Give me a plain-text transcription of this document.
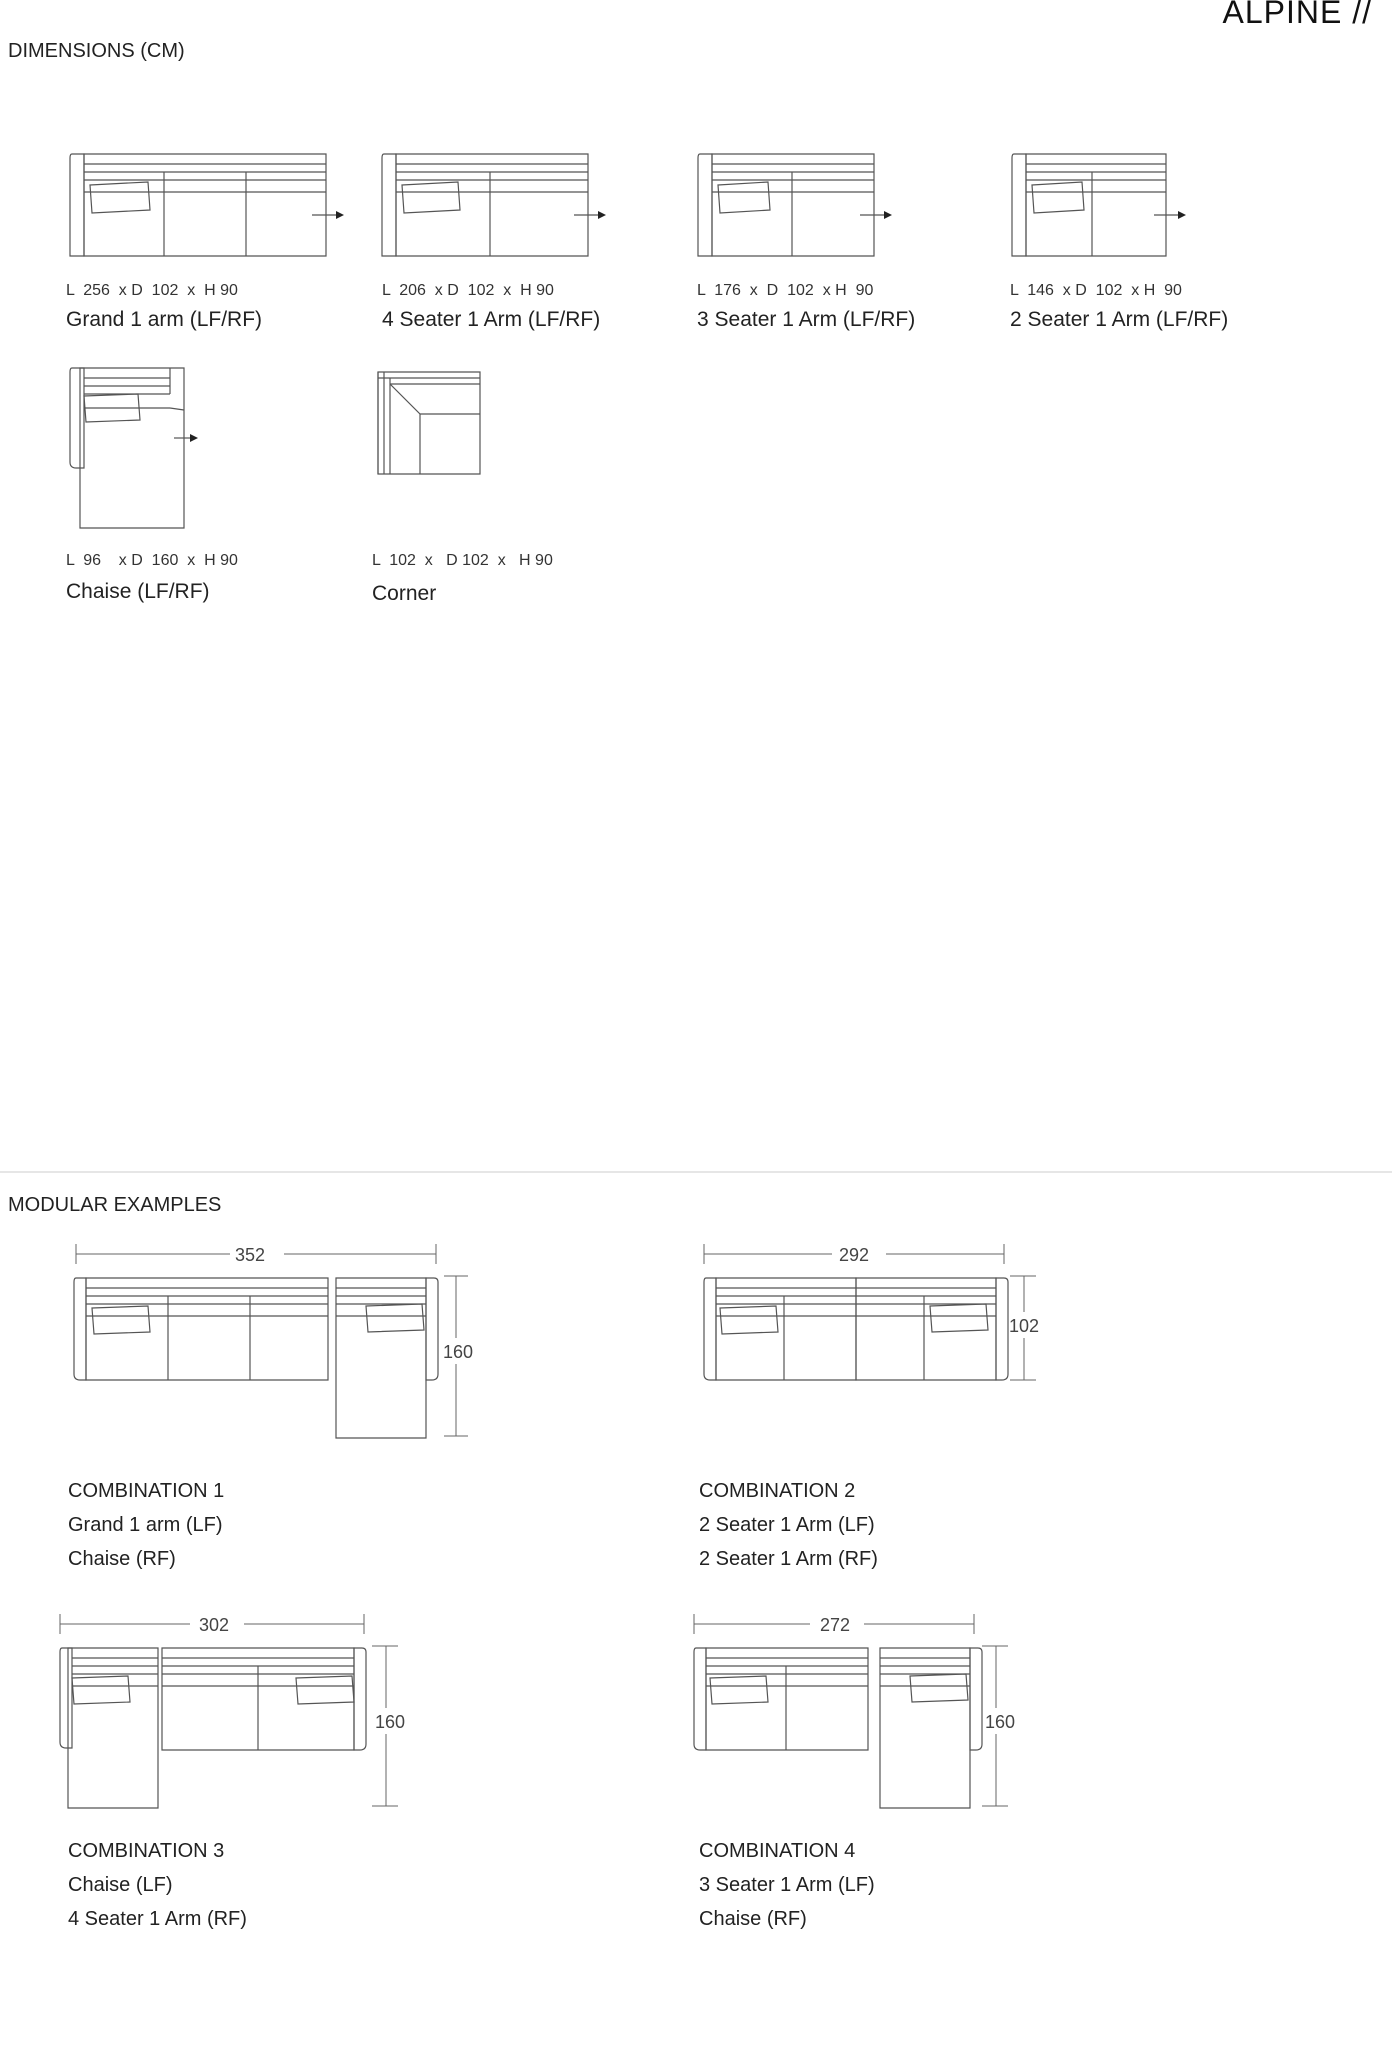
ALPINE //
DIMENSIONS (CM)
L  256  x D  102  x  H 90
Grand 1 arm (LF/RF)
L  206  x D  102  x  H 90
4 Seater 1 Arm (LF/RF)
L  176  x  D  102  x H  90
3 Seater 1 Arm (LF/RF)
L  146  x D  102  x H  90
2 Seater 1 Arm (LF/RF)
L  96    x D  160  x  H 90
Chaise (LF/RF)
L  102  x   D 102  x   H 90
Corner
MODULAR EXAMPLES
352
160
292
102
302
160
272
160
COMBINATION 1
Grand 1 arm (LF)
Chaise (RF)
COMBINATION 2
2 Seater 1 Arm (LF)
2 Seater 1 Arm (RF)
COMBINATION 3
Chaise (LF)
4 Seater 1 Arm (RF)
COMBINATION 4
3 Seater 1 Arm (LF)
Chaise (RF)
